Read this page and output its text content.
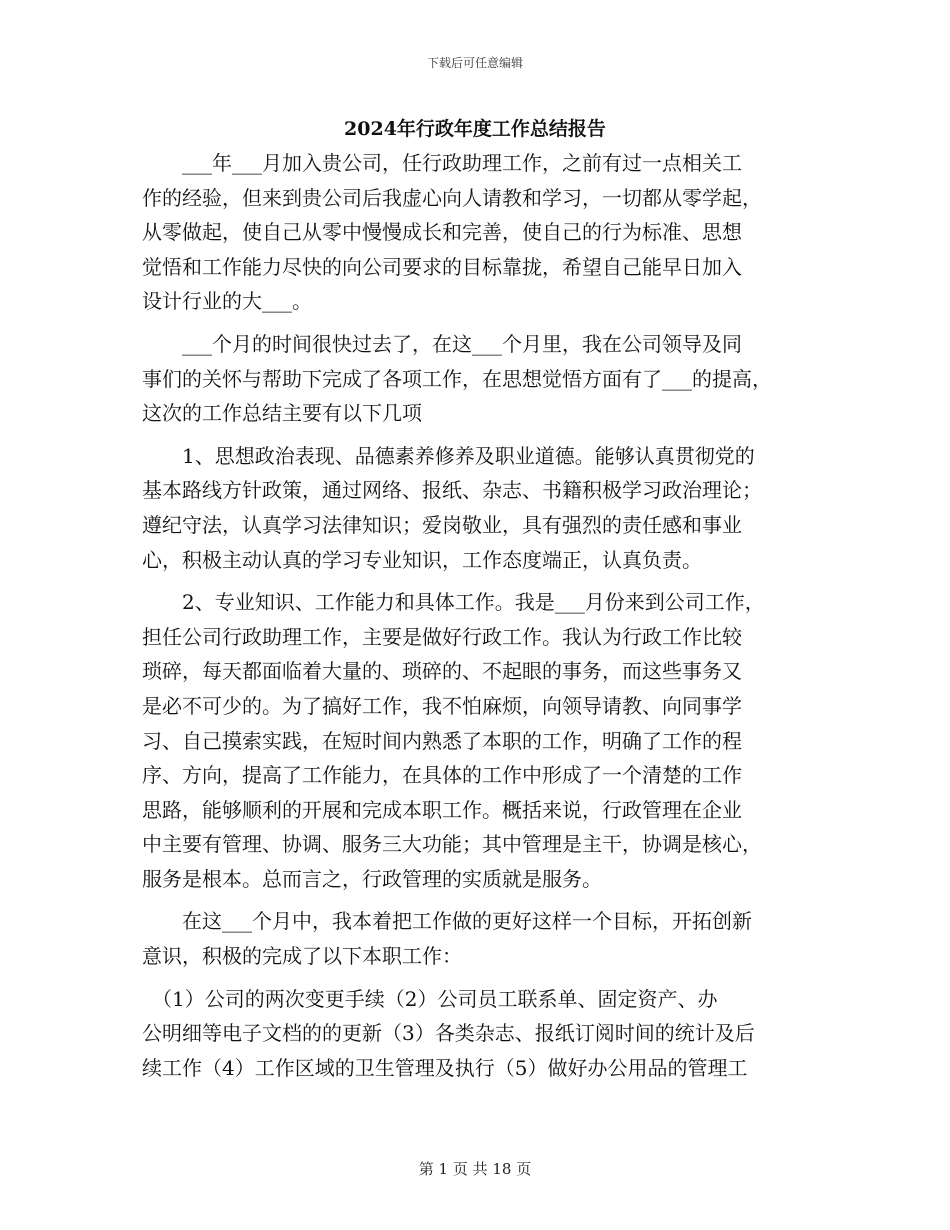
下载后可任意编辑
2024年行政年度工作总结报告
　　___年___月加入贵公司，任行政助理工作，之前有过一点相关工
作的经验，但来到贵公司后我虚心向人请教和学习，一切都从零学起，
从零做起，使自己从零中慢慢成长和完善，使自己的行为标准、思想
觉悟和工作能力尽快的向公司要求的目标靠拢，希望自己能早日加入
设计行业的大___。
　　___个月的时间很快过去了，在这___个月里，我在公司领导及同
事们的关怀与帮助下完成了各项工作，在思想觉悟方面有了___的提高，
这次的工作总结主要有以下几项
　　1、思想政治表现、品德素养修养及职业道德。能够认真贯彻党的
基本路线方针政策，通过网络、报纸、杂志、书籍积极学习政治理论；
遵纪守法，认真学习法律知识；爱岗敬业，具有强烈的责任感和事业
心，积极主动认真的学习专业知识，工作态度端正，认真负责。
　　2、专业知识、工作能力和具体工作。我是___月份来到公司工作，
担任公司行政助理工作，主要是做好行政工作。我认为行政工作比较
琐碎，每天都面临着大量的、琐碎的、不起眼的事务，而这些事务又
是必不可少的。为了搞好工作，我不怕麻烦，向领导请教、向同事学
习、自己摸索实践，在短时间内熟悉了本职的工作，明确了工作的程
序、方向，提高了工作能力，在具体的工作中形成了一个清楚的工作
思路，能够顺利的开展和完成本职工作。概括来说，行政管理在企业
中主要有管理、协调、服务三大功能；其中管理是主干，协调是核心，
服务是根本。总而言之，行政管理的实质就是服务。
　　在这___个月中，我本着把工作做的更好这样一个目标，开拓创新
意识，积极的完成了以下本职工作：
　（1）公司的两次变更手续（2）公司员工联系单、固定资产、办
公明细等电子文档的的更新（3）各类杂志、报纸订阅时间的统计及后
续工作（4）工作区域的卫生管理及执行（5）做好办公用品的管理工
第 1 页 共 18 页
